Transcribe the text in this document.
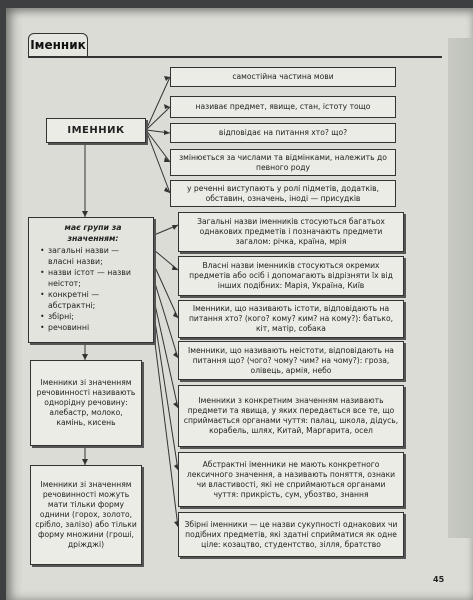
Іменник
ІМЕННИК
самостійна частина мови
називає предмет, явище, стан, істоту тощо
відповідає на питання хто? що?
змінюється за числами та відмінками, належить до певного роду
у реченні виступають у ролі підметів, додатків, обставин, означень, іноді — присудків
має групи за значенням:
• загальні назви — власні назви;
• назви істот — назви неістот;
• конкретні — абстрактні;
• збірні;
• речовинні
Загальні назви іменників стосуються багатьох однакових предметів і позначають предмети загалом: річка, країна, мрія
Власні назви іменників стосуються окремих предметів або осіб і допомагають відрізняти їх від інших подібних: Марія, Україна, Київ
Іменники, що називають істоти, відповідають на питання хто? (кого? кому? ким? на кому?): батько, кіт, матір, собака
Іменники, що називають неістоти, відповідають на питання що? (чого? чому? чим? на чому?): гроза, олівець, армія, небо
Іменники з конкретним значенням називають предмети та явища, у яких передається все те, що сприймається органами чуття: палац, школа, дідусь, корабель, шлях, Китай, Маргарита, осел
Абстрактні іменники не мають конкретного лексичного значення, а називають поняття, ознаки чи властивості, які не сприймаються органами чуття: прикрість, сум, убозтво, знання
Збірні іменники — це назви сукупності однакових чи подібних предметів, які здатні сприйматися як одне ціле: козацтво, студентство, зілля, братство
Іменники зі значенням речовинності називають однорідну речовину: алебастр, молоко, камінь, кисень
Іменники зі значенням речовинності можуть мати тільки форму однини (горох, золото, срібло, залізо) або тільки форму множини (гроші, дріжджі)
45
